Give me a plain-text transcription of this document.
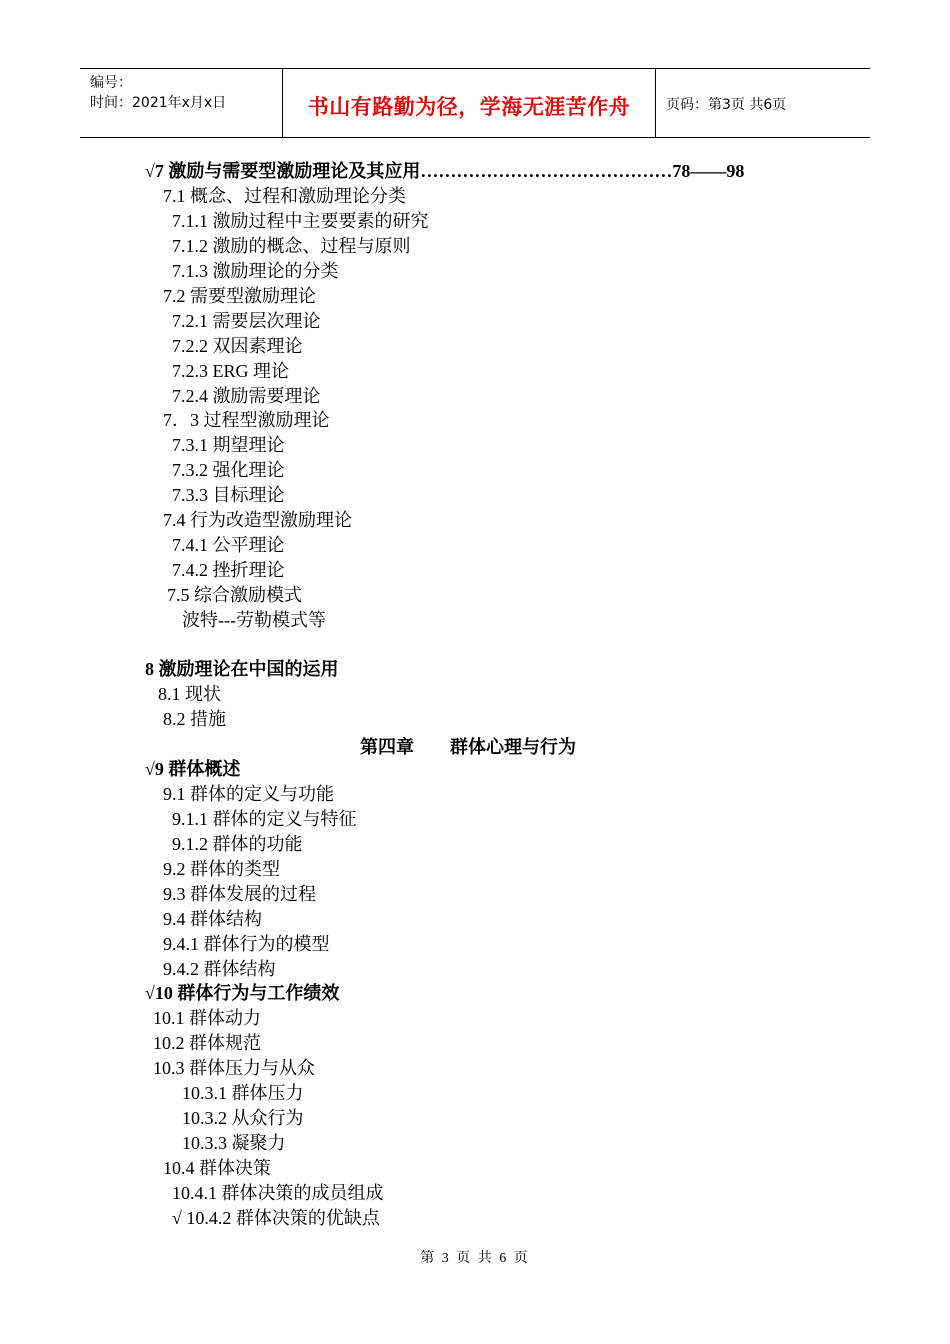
编号：
时间：2021年x月x日	书山有路勤为径，学海无涯苦作舟	页码：第3页 共6页
√7 激励与需要型激励理论及其应用……………………………………78——98
7.1 概念、过程和激励理论分类
7.1.1 激励过程中主要要素的研究
7.1.2 激励的概念、过程与原则
7.1.3 激励理论的分类
7.2 需要型激励理论
7.2.1 需要层次理论
7.2.2 双因素理论
7.2.3 ERG 理论
7.2.4 激励需要理论
7．3 过程型激励理论
7.3.1 期望理论
7.3.2 强化理论
7.3.3 目标理论
7.4 行为改造型激励理论
7.4.1 公平理论
7.4.2 挫折理论
7.5 综合激励模式
波特---劳勒模式等
8 激励理论在中国的运用
8.1 现状
8.2 措施
√9 群体概述
9.1 群体的定义与功能
9.1.1 群体的定义与特征
9.1.2 群体的功能
9.2 群体的类型
9.3 群体发展的过程
9.4 群体结构
9.4.1 群体行为的模型
9.4.2 群体结构
√10 群体行为与工作绩效
10.1 群体动力
10.2 群体规范
10.3 群体压力与从众
10.3.1 群体压力
10.3.2 从众行为
10.3.3 凝聚力
10.4 群体决策
10.4.1 群体决策的成员组成
√ 10.4.2 群体决策的优缺点
第四章 群体心理与行为
第 3 页 共 6 页
